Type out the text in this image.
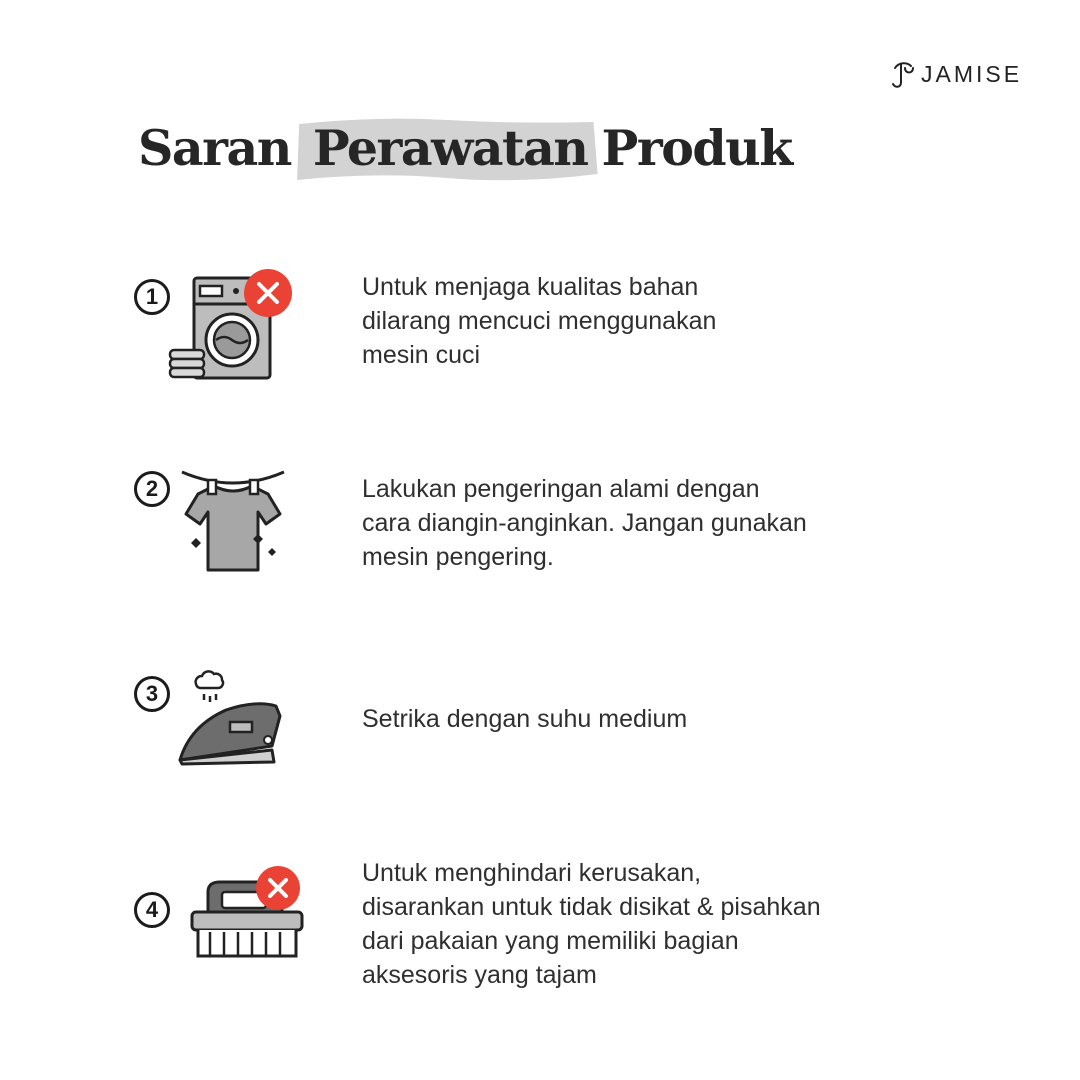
JAMISE
Saran Perawatan Produk
1	Untuk menjaga kualitas bahan
dilarang mencuci menggunakan
mesin cuci
2	Lakukan pengeringan alami dengan
cara diangin-anginkan. Jangan gunakan
mesin pengering.
3
Setrika dengan suhu medium
4
Untuk menghindari kerusakan,
disarankan untuk tidak disikat & pisahkan
dari pakaian yang memiliki bagian
aksesoris yang tajam
